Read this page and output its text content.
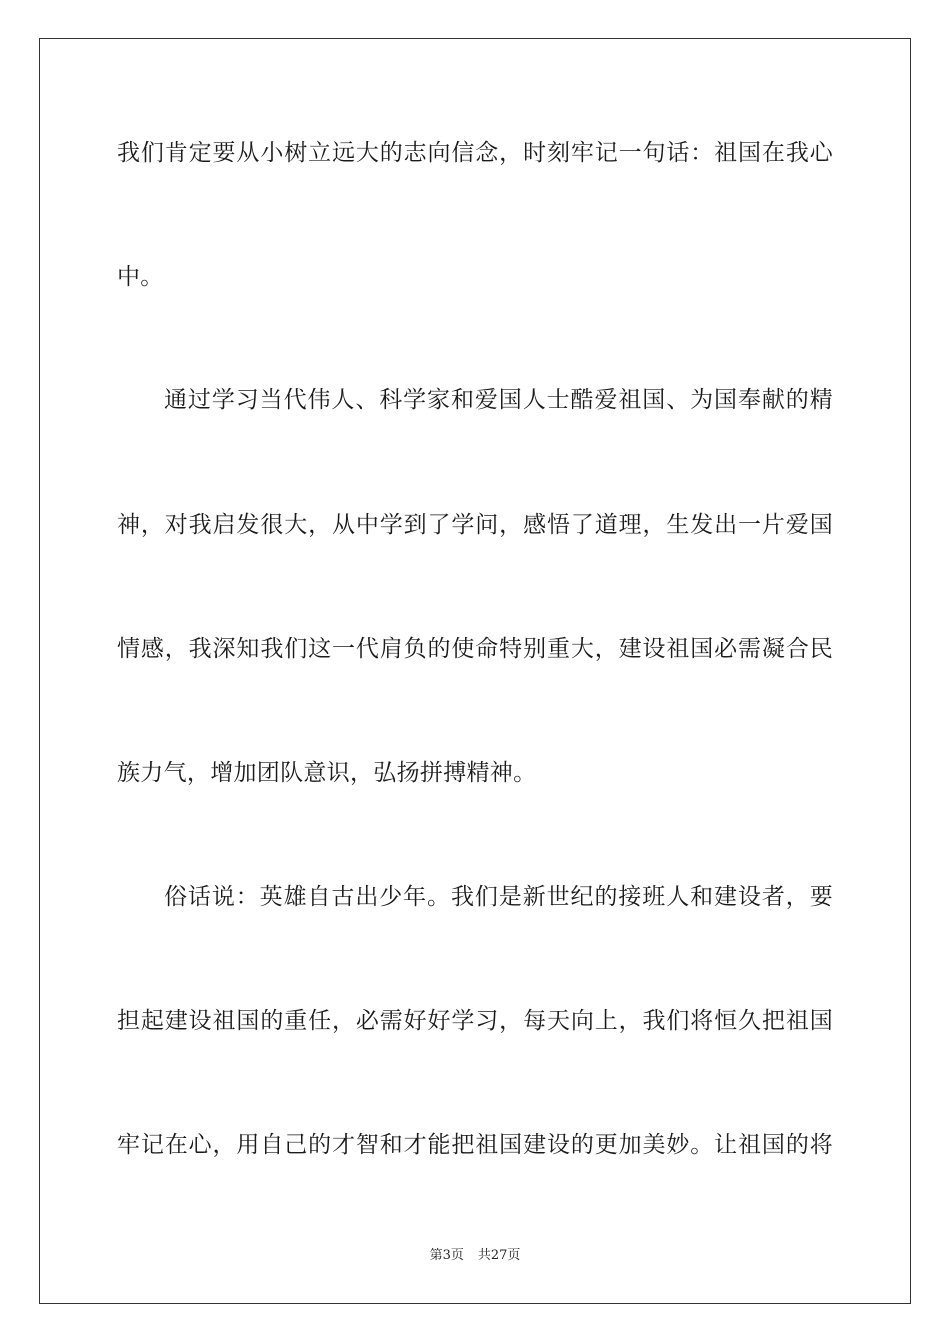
我们肯定要从小树立远大的志向信念，时刻牢记一句话：祖国在我心
中。
通过学习当代伟人、科学家和爱国人士酷爱祖国、为国奉献的精
神，对我启发很大，从中学到了学问，感悟了道理，生发出一片爱国
情感，我深知我们这一代肩负的使命特别重大，建设祖国必需凝合民
族力气，增加团队意识，弘扬拼搏精神。
俗话说：英雄自古出少年。我们是新世纪的接班人和建设者，要
担起建设祖国的重任，必需好好学习，每天向上，我们将恒久把祖国
牢记在心，用自己的才智和才能把祖国建设的更加美妙。让祖国的将
第3页 共27页
